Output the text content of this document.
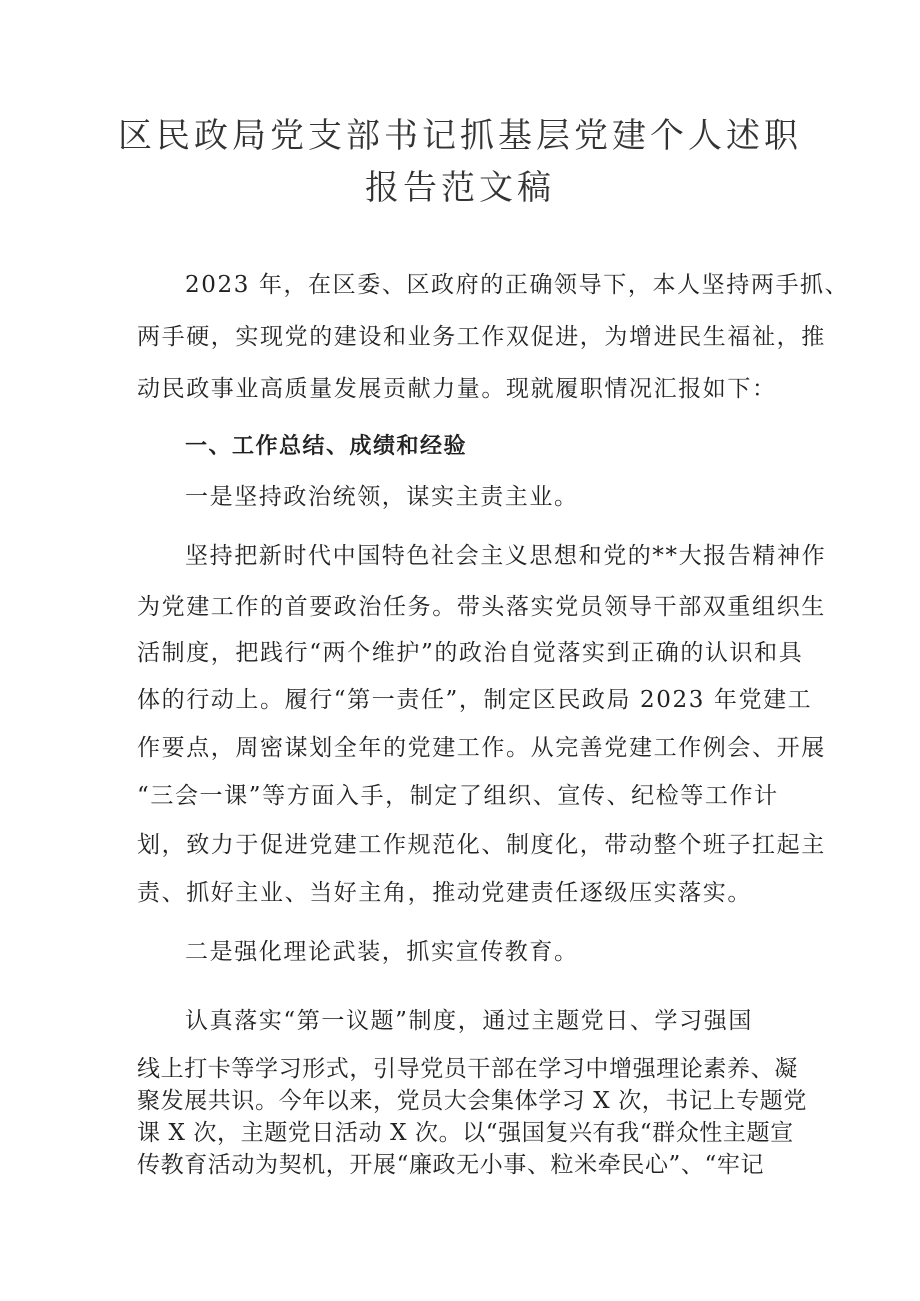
区民政局党支部书记抓基层党建个人述职
报告范文稿
2023 年，在区委、区政府的正确领导下，本人坚持两手抓、
两手硬，实现党的建设和业务工作双促进，为增进民生福祉，推
动民政事业高质量发展贡献力量。现就履职情况汇报如下：
一、工作总结、成绩和经验
一是坚持政治统领，谋实主责主业。
坚持把新时代中国特色社会主义思想和党的**大报告精神作
为党建工作的首要政治任务。带头落实党员领导干部双重组织生
活制度，把践行“两个维护”的政治自觉落实到正确的认识和具
体的行动上。履行“第一责任”，制定区民政局 2023 年党建工
作要点，周密谋划全年的党建工作。从完善党建工作例会、开展
“三会一课”等方面入手，制定了组织、宣传、纪检等工作计
划，致力于促进党建工作规范化、制度化，带动整个班子扛起主
责、抓好主业、当好主角，推动党建责任逐级压实落实。
二是强化理论武装，抓实宣传教育。
认真落实“第一议题”制度，通过主题党日、学习强国
线上打卡等学习形式，引导党员干部在学习中增强理论素养、凝
聚发展共识。今年以来，党员大会集体学习 X 次，书记上专题党
课 X 次，主题党日活动 X 次。以“强国复兴有我“群众性主题宣
传教育活动为契机，开展“廉政无小事、粒米牵民心”、“牢记
